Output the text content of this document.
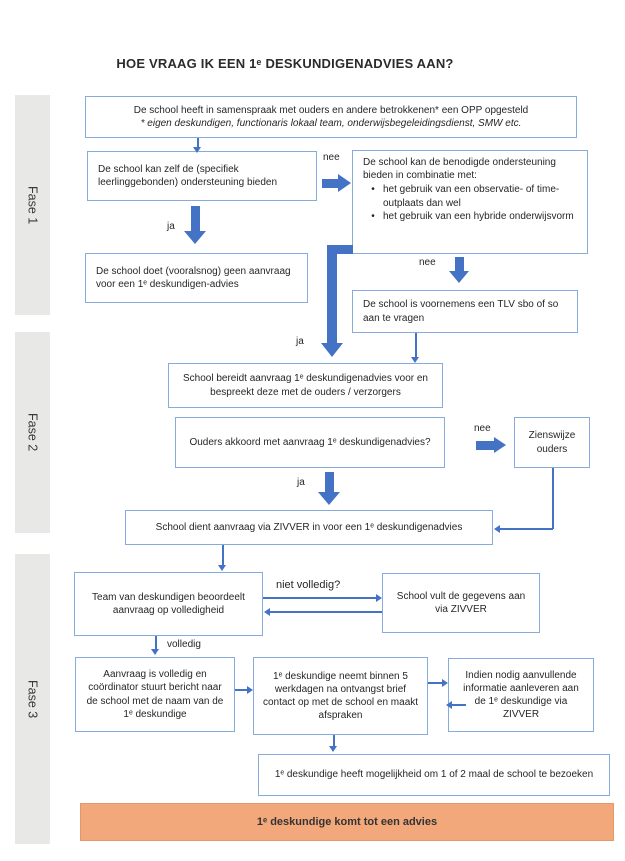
HOE VRAAG IK EEN 1ᵉ DESKUNDIGENADVIES AAN?
Fase 1
Fase 2
Fase 3
De school heeft in samenspraak met ouders en andere betrokkenen* een OPP opgesteld
* eigen deskundigen, functionaris lokaal team, onderwijsbegeleidingsdienst, SMW etc.
De school kan zelf de (specifiek leerlinggebonden) ondersteuning bieden
De school kan de benodigde ondersteuning bieden in combinatie met:
• het gebruik van een observatie- of time-outplaats dan wel
• het gebruik van een hybride onderwijsvorm
De school doet (vooralsnog) geen aanvraag voor een 1ᵉ deskundigen-advies
De school is voornemens een TLV sbo of so aan te vragen
School bereidt aanvraag 1ᵉ deskundigenadvies voor en bespreekt deze met de ouders / verzorgers
Ouders akkoord met aanvraag 1ᵉ deskundigenadvies?
Zienswijze ouders
School dient aanvraag via ZIVVER in voor een 1ᵉ deskundigenadvies
Team van deskundigen beoordeelt aanvraag op volledigheid
School vult de gegevens aan via ZIVVER
Aanvraag is volledig en coördinator stuurt bericht naar de school met de naam van de 1ᵉ deskundige
1ᵉ deskundige neemt binnen 5 werkdagen na ontvangst brief contact op met de school en maakt afspraken
Indien nodig aanvullende informatie aanleveren aan de 1ᵉ deskundige via ZIVVER
1ᵉ deskundige heeft mogelijkheid om 1 of 2 maal de school te bezoeken
1ᵉ deskundige komt tot een advies
nee
ja
nee
ja
nee
ja
niet volledig?
volledig
